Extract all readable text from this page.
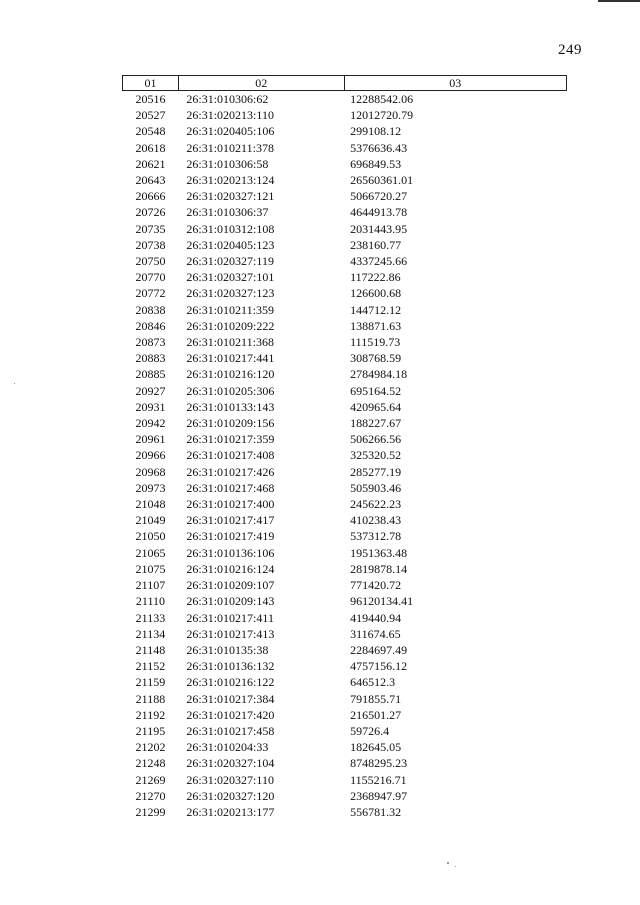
249
01	02	03
20516	26:31:010306:62	12288542.06
20527	26:31:020213:110	12012720.79
20548	26:31:020405:106	299108.12
20618	26:31:010211:378	5376636.43
20621	26:31:010306:58	696849.53
20643	26:31:020213:124	26560361.01
20666	26:31:020327:121	5066720.27
20726	26:31:010306:37	4644913.78
20735	26:31:010312:108	2031443.95
20738	26:31:020405:123	238160.77
20750	26:31:020327:119	4337245.66
20770	26:31:020327:101	117222.86
20772	26:31:020327:123	126600.68
20838	26:31:010211:359	144712.12
20846	26:31:010209:222	138871.63
20873	26:31:010211:368	111519.73
20883	26:31:010217:441	308768.59
20885	26:31:010216:120	2784984.18
20927	26:31:010205:306	695164.52
20931	26:31:010133:143	420965.64
20942	26:31:010209:156	188227.67
20961	26:31:010217:359	506266.56
20966	26:31:010217:408	325320.52
20968	26:31:010217:426	285277.19
20973	26:31:010217:468	505903.46
21048	26:31:010217:400	245622.23
21049	26:31:010217:417	410238.43
21050	26:31:010217:419	537312.78
21065	26:31:010136:106	1951363.48
21075	26:31:010216:124	2819878.14
21107	26:31:010209:107	771420.72
21110	26:31:010209:143	96120134.41
21133	26:31:010217:411	419440.94
21134	26:31:010217:413	311674.65
21148	26:31:010135:38	2284697.49
21152	26:31:010136:132	4757156.12
21159	26:31:010216:122	646512.3
21188	26:31:010217:384	791855.71
21192	26:31:010217:420	216501.27
21195	26:31:010217:458	59726.4
21202	26:31:010204:33	182645.05
21248	26:31:020327:104	8748295.23
21269	26:31:020327:110	1155216.71
21270	26:31:020327:120	2368947.97
21299	26:31:020213:177	556781.32
